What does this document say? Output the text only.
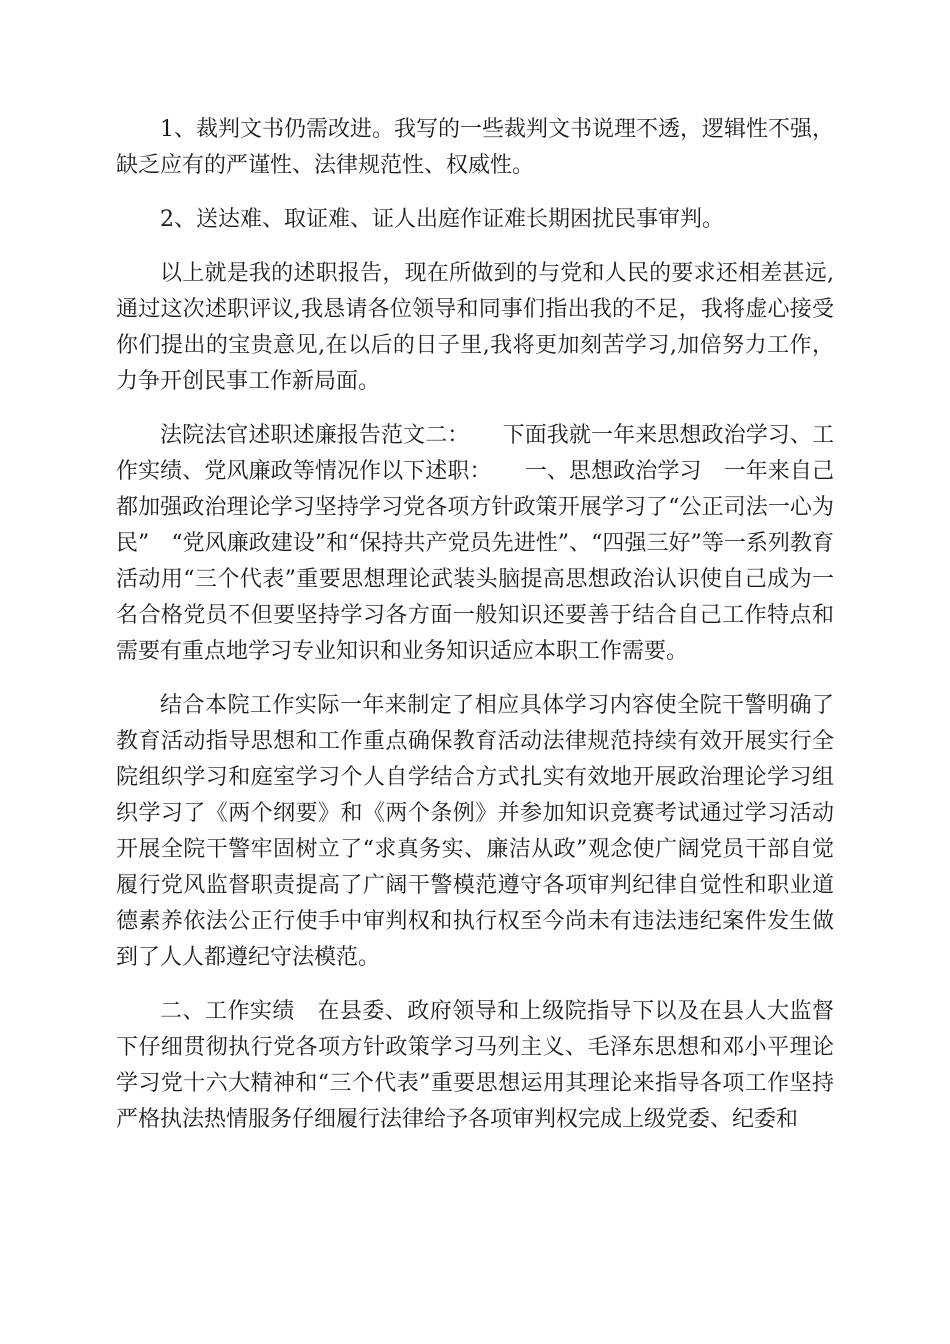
1、裁判文书仍需改进。我写的一些裁判文书说理不透，逻辑性不强，缺乏应有的严谨性、法律规范性、权威性。

2、送达难、取证难、证人出庭作证难长期困扰民事审判。

以上就是我的述职报告，现在所做到的与党和人民的要求还相差甚远,通过这次述职评议,我恳请各位领导和同事们指出我的不足，我将虚心接受你们提出的宝贵意见,在以后的日子里,我将更加刻苦学习,加倍努力工作，力争开创民事工作新局面。

法院法官述职述廉报告范文二：　　下面我就一年来思想政治学习、工作实绩、党风廉政等情况作以下述职：　　一、思想政治学习　一年来自己都加强政治理论学习坚持学习党各项方针政策开展学习了“公正司法一心为民”　“党风廉政建设”和“保持共产党员先进性”、“四强三好”等一系列教育活动用“三个代表”重要思想理论武装头脑提高思想政治认识使自己成为一名合格党员不但要坚持学习各方面一般知识还要善于结合自己工作特点和需要有重点地学习专业知识和业务知识适应本职工作需要。

结合本院工作实际一年来制定了相应具体学习内容使全院干警明确了教育活动指导思想和工作重点确保教育活动法律规范持续有效开展实行全院组织学习和庭室学习个人自学结合方式扎实有效地开展政治理论学习组织学习了《两个纲要》和《两个条例》并参加知识竞赛考试通过学习活动开展全院干警牢固树立了“求真务实、廉洁从政”观念使广阔党员干部自觉履行党风监督职责提高了广阔干警模范遵守各项审判纪律自觉性和职业道德素养依法公正行使手中审判权和执行权至今尚未有违法违纪案件发生做到了人人都遵纪守法模范。

二、工作实绩　在县委、政府领导和上级院指导下以及在县人大监督下仔细贯彻执行党各项方针政策学习马列主义、毛泽东思想和邓小平理论学习党十六大精神和“三个代表”重要思想运用其理论来指导各项工作坚持严格执法热情服务仔细履行法律给予各项审判权完成上级党委、纪委和
